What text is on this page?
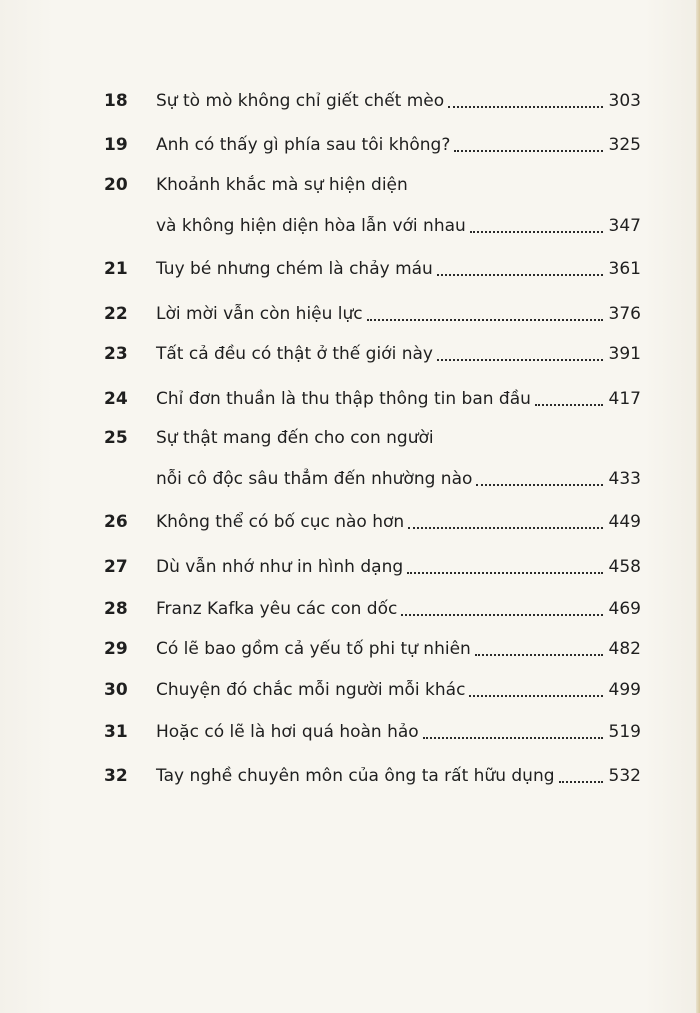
18	Sự tò mò không chỉ giết chết mèo	303
19	Anh có thấy gì phía sau tôi không?	325
20	Khoảnh khắc mà sự hiện diện
và không hiện diện hòa lẫn với nhau	347
21	Tuy bé nhưng chém là chảy máu	361
22	Lời mời vẫn còn hiệu lực	376
23	Tất cả đều có thật ở thế giới này	391
24	Chỉ đơn thuần là thu thập thông tin ban đầu	417
25	Sự thật mang đến cho con người
nỗi cô độc sâu thẳm đến nhường nào	433
26	Không thể có bố cục nào hơn	449
27	Dù vẫn nhớ như in hình dạng	458
28	Franz Kafka yêu các con dốc	469
29	Có lẽ bao gồm cả yếu tố phi tự nhiên	482
30	Chuyện đó chắc mỗi người mỗi khác	499
31	Hoặc có lẽ là hơi quá hoàn hảo	519
32	Tay nghề chuyên môn của ông ta rất hữu dụng	532
